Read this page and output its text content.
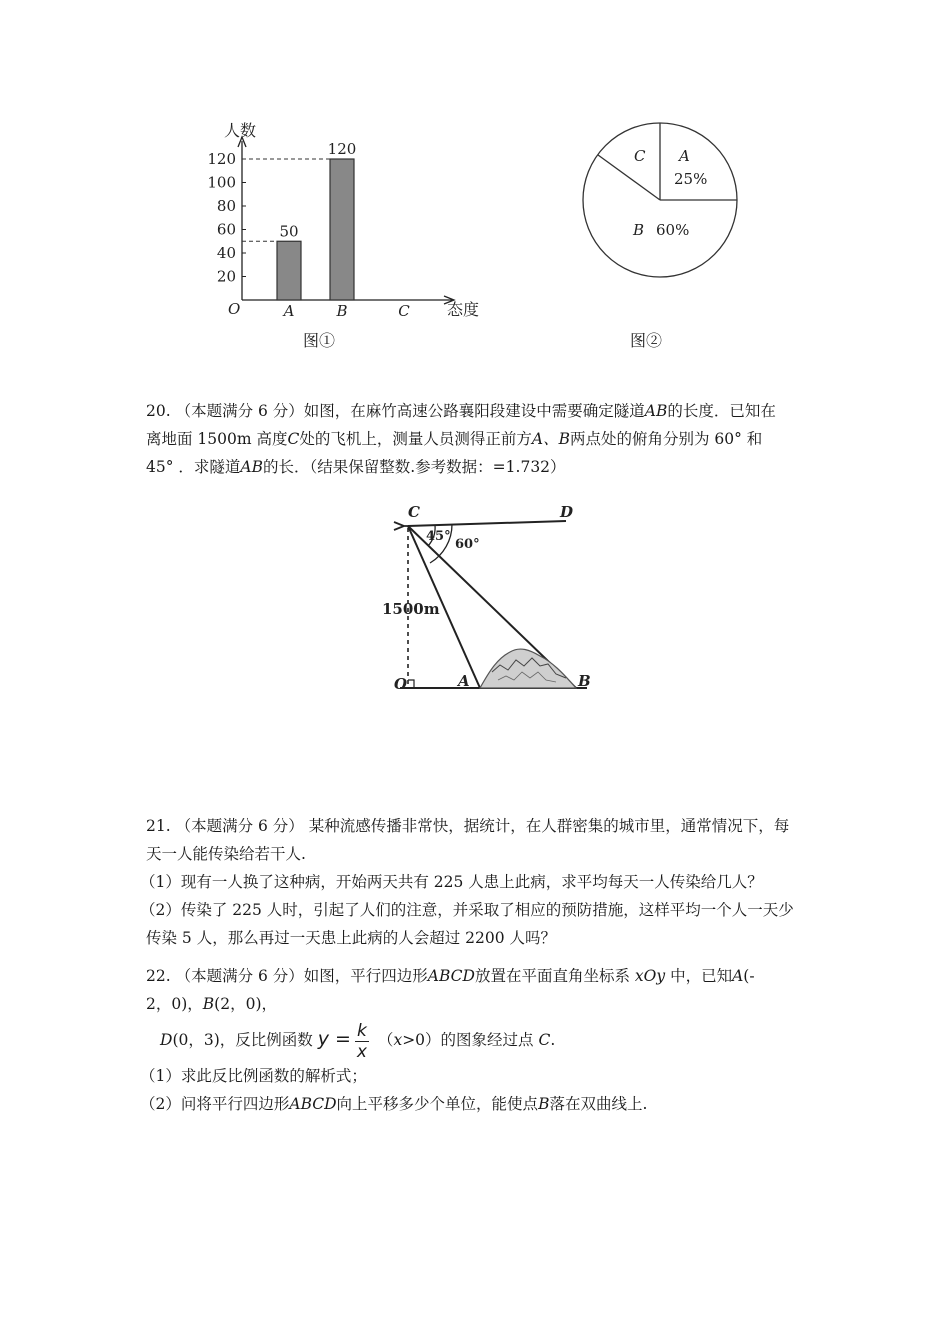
20
40
60
80
100
120
A
50
B
120
C
人数
态度
O
图①
A
25%
B 60%
C
图②
20. （本题满分 6 分）如图，在麻竹高速公路襄阳段建设中需要确定隧道AB的长度．已知在
离地面 1500m 高度C处的飞机上，测量人员测得正前方A、B两点处的俯角分别为 60° 和
45° ．求隧道AB的长．（结果保留整数.参考数据：=1.732）
C	D
45°
60°
1500m
O	A	B
21. （本题满分 6 分） 某种流感传播非常快，据统计，在人群密集的城市里，通常情况下，每
天一人能传染给若干人.
（1）现有一人换了这种病，开始两天共有 225 人患上此病，求平均每天一人传染给几人？
（2）传染了 225 人时，引起了人们的注意，并采取了相应的预防措施，这样平均一个人一天少
传染 5 人，那么再过一天患上此病的人会超过 2200 人吗？
22. （本题满分 6 分）如图，平行四边形ABCD放置在平面直角坐标系 xOy 中，已知A(-
2，0)，B(2，0)，
D(0，3)，反比例函数 $y = \frac{k}{x} (x>0)$的图象经过点 C.
（1）求此反比例函数的解析式；
（2）问将平行四边形ABCD向上平移多少个单位，能使点B落在双曲线上.
